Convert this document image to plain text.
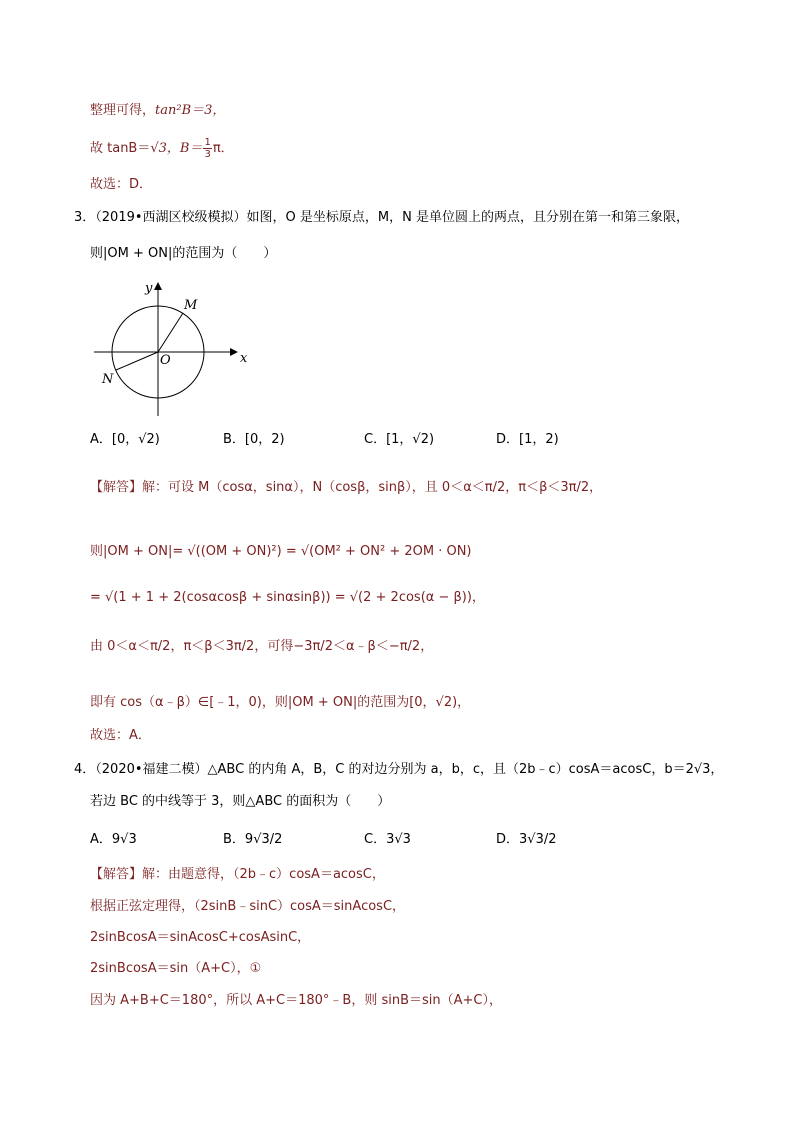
整理可得，tan²B＝3，
故 tanB＝√3，$B= \frac{1}{3}$ π．
故选：D．
3．（2019•西湖区校级模拟）如图，O 是坐标原点，M，N 是单位圆上的两点，且分别在第一和第三象限，
则|OM + ON|的范围为（　　）
x
y
O
M
N
A．[0，√2)	B．[0，2)	C．[1，√2)	D．[1，2)
【解答】解：可设 M（cosα，sinα），N（cosβ，sinβ），且 0＜α＜π/2，π＜β＜3π/2，
则|OM + ON|= √((OM + ON)²) = √(OM² + ON² + 2OM · ON)
= √(1 + 1 + 2(cosαcosβ + sinαsinβ)) = √(2 + 2cos(α − β))，
由 0＜α＜π/2，π＜β＜3π/2，可得−3π/2＜α﹣β＜−π/2，
即有 cos（α﹣β）∈[﹣1，0)，则|OM + ON|的范围为[0，√2)，
故选：A．
4．（2020•福建二模）△ABC 的内角 A，B，C 的对边分别为 a，b，c，且（2b﹣c）cosA＝acosC，b＝2√3，
若边 BC 的中线等于 3，则△ABC 的面积为（　　）
A．9√3	B．9√3/2	C．3√3	D．3√3/2
【解答】解：由题意得，（2b﹣c）cosA＝acosC，
根据正弦定理得，（2sinB﹣sinC）cosA＝sinAcosC，
2sinBcosA＝sinAcosC+cosAsinC，
2sinBcosA＝sin（A+C），①
因为 A+B+C＝180°，所以 A+C＝180°﹣B，则 sinB＝sin（A+C），
